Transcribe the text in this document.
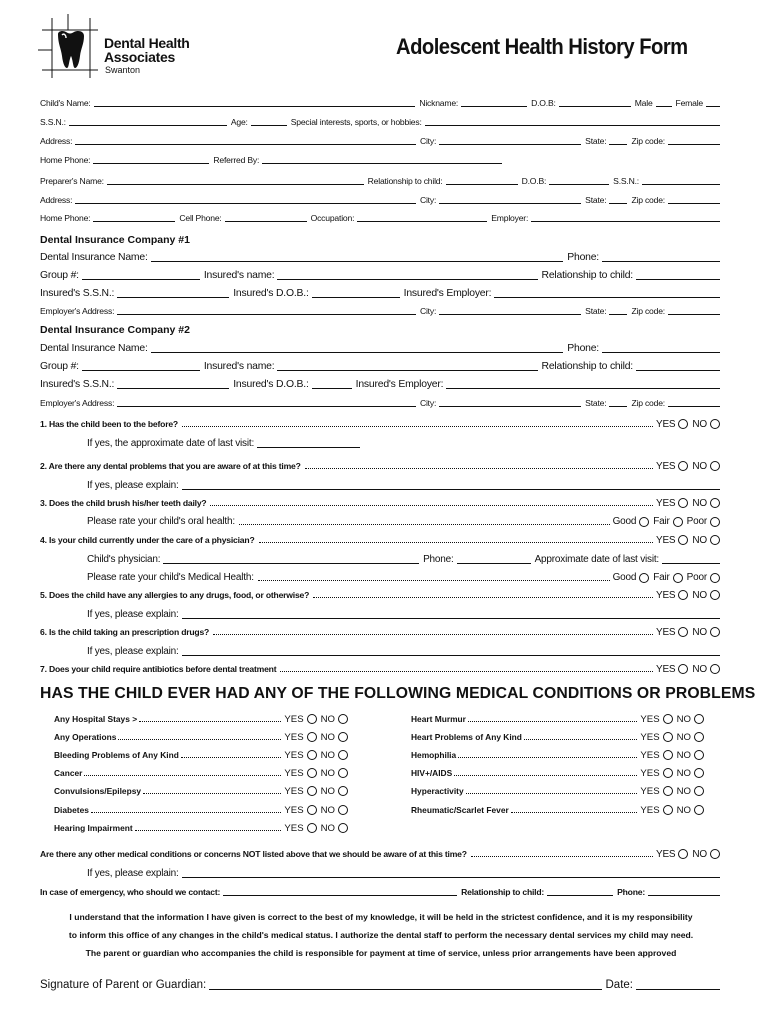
Dental Health
Associates
Swanton
Adolescent Health History Form
Child's Name:	Nickname:	D.O.B:	Male	Female
S.S.N.:	Age:	Special interests, sports, or hobbies:
Address:	City:	State:	Zip code:
Home Phone:	Referred By:
Preparer's Name:	Relationship to child:	D.O.B:	S.S.N.:
Address:	City:	State:	Zip code:
Home Phone:	Cell Phone:	Occupation:	Employer:
Dental Insurance Company #1
Dental Insurance Name:	Phone:
Group #:	Insured's name:	Relationship to child:
Insured's S.S.N.:	Insured's D.O.B.:	Insured's Employer:
Employer's Address:	City:	State:	Zip code:
Dental Insurance Company #2
Dental Insurance Name:	Phone:
Group #:	Insured's name:	Relationship to child:
Insured's S.S.N.:	Insured's D.O.B.:	Insured's Employer:
Employer's Address:	City:	State:	Zip code:
1. Has the child been to the before?	YES NO
If yes, the approximate date of last visit:
2. Are there any dental problems that you are aware of at this time?	YES NO
If yes, please explain:
3. Does the child brush his/her teeth daily?	YES NO
Please rate your child's oral health:	Good Fair Poor
4. Is your child currently under the care of a physician?	YES NO
Child's physician:	Phone:	Approximate date of last visit:
Please rate your child's Medical Health:	Good Fair Poor
5. Does the child have any allergies to any drugs, food, or otherwise?	YES NO
If yes, please explain:
6. Is the child taking an prescription drugs?	YES NO
If yes, please explain:
7. Does your child require antibiotics before dental treatment	YES NO
HAS THE CHILD EVER HAD ANY OF THE FOLLOWING MEDICAL CONDITIONS OR PROBLEMS
Any Hospital Stays >	YES NO
Any Operations	YES NO
Bleeding Problems of Any Kind	YES NO
Cancer	YES NO
Convulsions/Epilepsy	YES NO
Diabetes	YES NO
Hearing Impairment	YES NO
Heart Murmur	YES NO
Heart Problems of Any Kind	YES NO
Hemophilia	YES NO
HIV+/AIDS	YES NO
Hyperactivity	YES NO
Rheumatic/Scarlet Fever	YES NO
Are there any other medical conditions or concerns NOT listed above that we should be aware of at this time?	YES NO
If yes, please explain:
In case of emergency, who should we contact:	Relationship to child:	Phone:
I understand that the information I have given is correct to the best of my knowledge, it will be held in the strictest confidence, and it is my responsibility
to inform this office of any changes in the child's medical status. I authorize the dental staff to perform the necessary dental services my child may need.
The parent or guardian who accompanies the child is responsible for payment at time of service, unless prior arrangements have been approved
Signature of Parent or Guardian:	Date:
